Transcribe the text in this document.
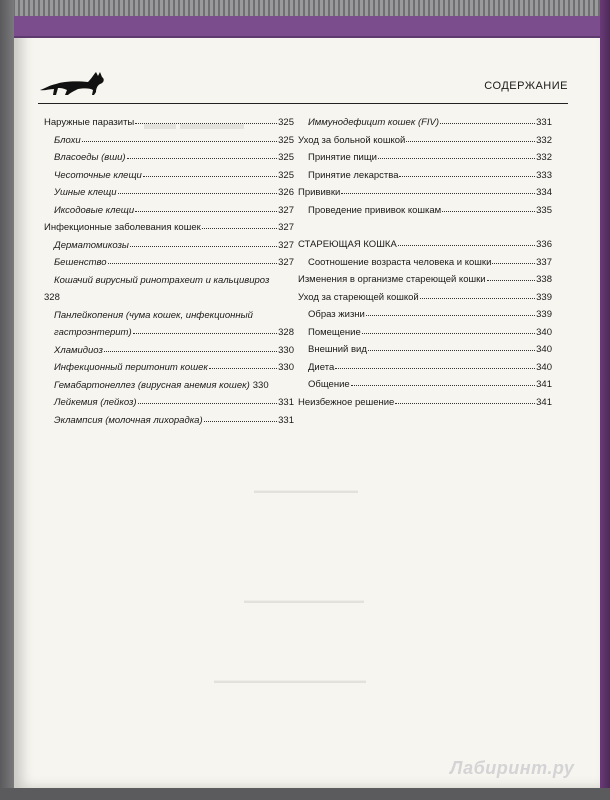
▬▬ ▬▬▬▬
▬▬▬▬▬▬▬▬▬▬▬▬▬
▬▬▬▬▬▬▬▬▬▬▬▬▬▬▬
▬▬▬▬▬▬▬▬▬▬▬▬▬▬▬▬▬▬▬
СОДЕРЖАНИЕ
Наружные паразиты	325
Блохи	325
Власоеды (вши)	325
Чесоточные клещи	325
Ушные клещи	326
Иксодовые клещи	327
Инфекционные заболевания кошек	327
Дерматомикозы	327
Бешенство	327
Кошачий вирусный ринотрахеит и кальцивироз
328
Панлейкопения (чума кошек, инфекционный
гастроэнтерит)	328
Хламидиоз	330
Инфекционный перитонит кошек	330
Гемабартонеллез (вирусная анемия кошек) 330
Лейкемия (лейкоз)	331
Эклампсия (молочная лихорадка)	331
Иммунодефицит кошек (FIV)	331
Уход за больной кошкой	332
Принятие пищи	332
Принятие лекарства	333
Прививки	334
Проведение прививок кошкам	335
СТАРЕЮЩАЯ КОШКА	336
Соотношение возраста человека и кошки	337
Изменения в организме стареющей кошки	338
Уход за стареющей кошкой	339
Образ жизни	339
Помещение	340
Внешний вид	340
Диета	340
Общение	341
Неизбежное решение	341
Лабиринт.ру
